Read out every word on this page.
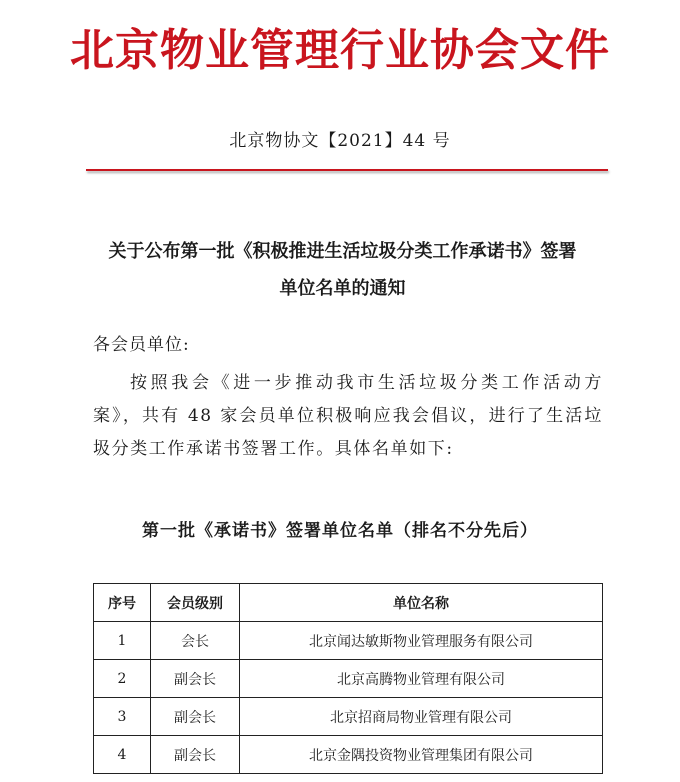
北京物业管理行业协会文件
北京物协文【2021】44 号
关于公布第一批《积极推进生活垃圾分类工作承诺书》签署
单位名单的通知
各会员单位:
按照我会《进一步推动我市生活垃圾分类工作活动方案》，共有 48 家会员单位积极响应我会倡议，进行了生活垃圾分类工作承诺书签署工作。具体名单如下:
第一批《承诺书》签署单位名单（排名不分先后）
序号	会员级别	单位名称
1	会长	北京闻达敏斯物业管理服务有限公司
2	副会长	北京高腾物业管理有限公司
3	副会长	北京招商局物业管理有限公司
4	副会长	北京金隅投资物业管理集团有限公司
